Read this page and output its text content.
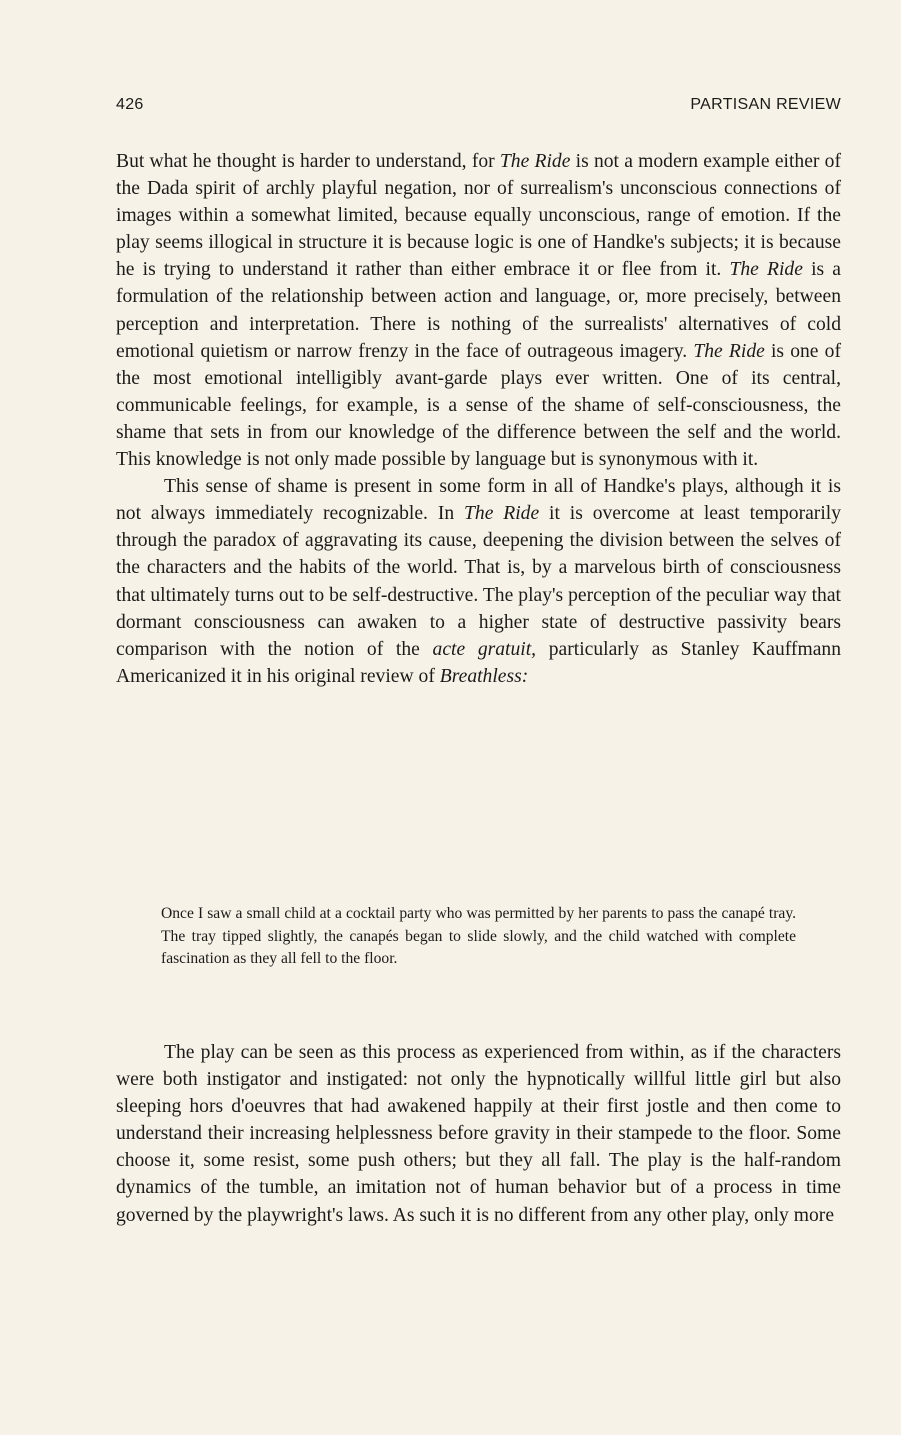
426	PARTISAN REVIEW

But what he thought is harder to understand, for The Ride is not a modern example either of the Dada spirit of archly playful negation, nor of surrealism's unconscious connections of images within a somewhat limited, because equally unconscious, range of emotion. If the play seems illogical in structure it is because logic is one of Handke's subjects; it is because he is trying to understand it rather than either embrace it or flee from it. The Ride is a formulation of the relationship between action and language, or, more precisely, between perception and interpretation. There is nothing of the surrealists' alternatives of cold emotional quietism or narrow frenzy in the face of outrageous imagery. The Ride is one of the most emotional intelligibly avant-garde plays ever written. One of its central, communicable feelings, for example, is a sense of the shame of self-consciousness, the shame that sets in from our knowledge of the difference between the self and the world. This knowledge is not only made possible by language but is synonymous with it.

This sense of shame is present in some form in all of Handke's plays, although it is not always immediately recognizable. In The Ride it is overcome at least temporarily through the paradox of aggravating its cause, deepening the division between the selves of the characters and the habits of the world. That is, by a marvelous birth of consciousness that ultimately turns out to be self-destructive. The play's perception of the peculiar way that dormant consciousness can awaken to a higher state of destructive passivity bears comparison with the notion of the acte gratuit, particularly as Stanley Kauffmann Americanized it in his original review of Breathless:

Once I saw a small child at a cocktail party who was permitted by her parents to pass the canapé tray. The tray tipped slightly, the canapés began to slide slowly, and the child watched with complete fascination as they all fell to the floor.

The play can be seen as this process as experienced from within, as if the characters were both instigator and instigated: not only the hypnotically willful little girl but also sleeping hors d'oeuvres that had awakened happily at their first jostle and then come to understand their increasing helplessness before gravity in their stampede to the floor. Some choose it, some resist, some push others; but they all fall. The play is the half-random dynamics of the tumble, an imitation not of human behavior but of a process in time governed by the playwright's laws. As such it is no different from any other play, only more
